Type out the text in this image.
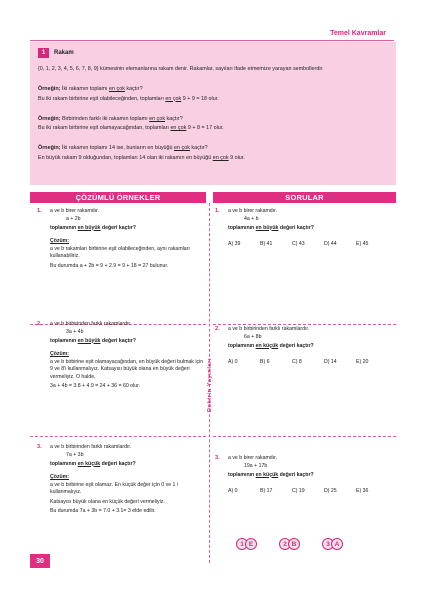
Temel Kavramlar
1	Rakam

{0, 1, 2, 3, 4, 5, 6, 7, 8, 9} kümesinin elemanlarına rakam denir. Rakamlar, sayıları ifade etmemize yarayan sembollerdir.

Örneğin; İki rakamın toplamı en çok kaçtır?

Bu iki rakam birbirine eşit olabileceğinden, toplamları en çok 9 + 9 = 18 olur.

Örneğin; Birbirinden farklı iki rakamın toplamı en çok kaçtır?

Bu iki rakam birbirine eşit olamayacağından, toplamları en çok 9 + 8 = 17 olur.

Örneğin; İki rakamın toplamı 14 ise, bunların en büyüğü en çok kaçtır?

En büyük rakam 9 olduğundan, toplamları 14 olan iki rakamın en büyüğü en çok 9 olur.

ÇÖZÜMLÜ ÖRNEKLER	SORULAR
Doktrin Yayınları
1. a ve b birer rakamdır.

a + 2b

toplamının en büyük değeri kaçtır?

Çözüm:

a ve b rakamları birbirine eşit olabileceğinden, aynı rakamları kullanabiliriz.

Bu durumda a + 2b = 9 + 2.9 = 9 + 18 = 27 bulunur.

2. a ve b birbirinden farklı rakamlardır.

3a + 4b

toplamının en büyük değeri kaçtır?

Çözüm:

a ve b birbirine eşit olamayacağından, en büyük değeri bulmak için 9 ve 8'i kullanmalıyız. Katsayısı büyük olana en büyük değeri vermeliyiz. O halde,

3a + 4b = 3.8 + 4.9 = 24 + 36 = 60 olur.

3. a ve b birbirinden farklı rakamlardır.

7a + 3b

toplamının en küçük değeri kaçtır?

Çözüm:

a ve b birbirine eşit olamaz. En küçük değer için 0 ve 1 i kullanmalıyız.

Katsayısı büyük olana en küçük değeri vermeliyiz.

Bu durumda 7a + 3b = 7.0 + 3.1= 3 elde edilir.

1. a ve b birer rakamdır.

4a + b

toplamının en büyük değeri kaçtır?

A) 39	B) 41	C) 43	D) 44	E) 45
2. a ve b birbirinden farklı rakamlardır.

6a + 8b

toplamının en küçük değeri kaçtır?

A) 0	B) 6	C) 8	D) 14	E) 20
3. a ve b birer rakamdır.

19a + 17b

toplamının en küçük değeri kaçtır?

A) 0	B) 17	C) 19	D) 25	E) 36
1 E	2 B	3 A
30
